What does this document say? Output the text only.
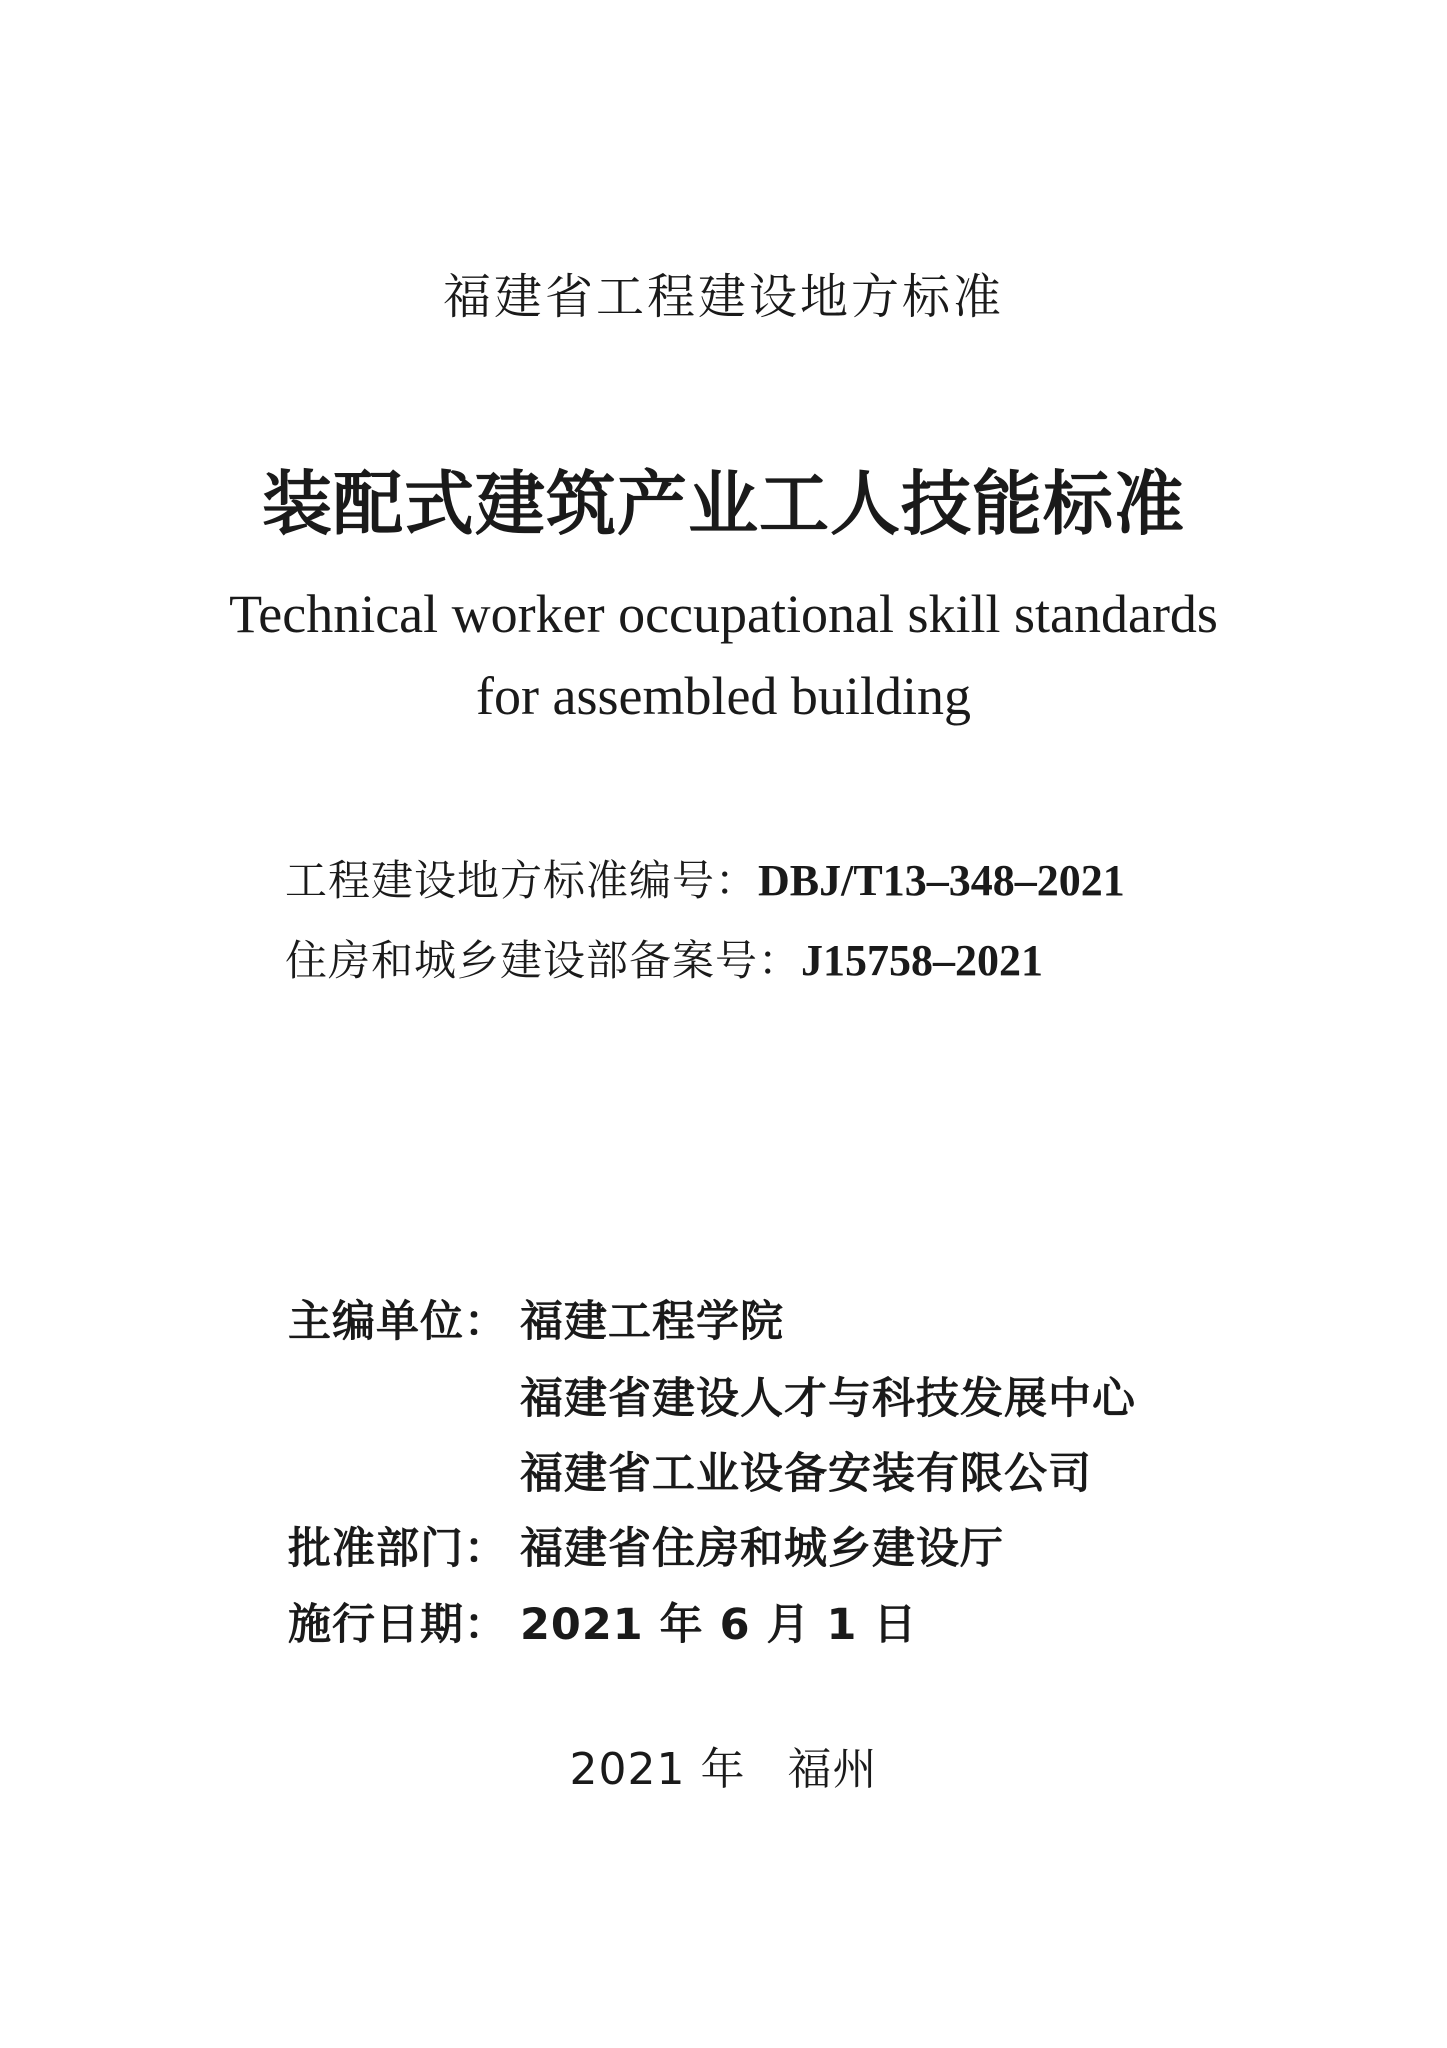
福建省工程建设地方标准
装配式建筑产业工人技能标准
Technical worker occupational skill standards
for assembled building
工程建设地方标准编号：DBJ/T13–348–2021
住房和城乡建设部备案号：J15758–2021
主编单位： 福建工程学院
福建省建设人才与科技发展中心
福建省工业设备安装有限公司
批准部门： 福建省住房和城乡建设厅
施行日期： 2021 年 6 月 1 日
2021 年 福州
